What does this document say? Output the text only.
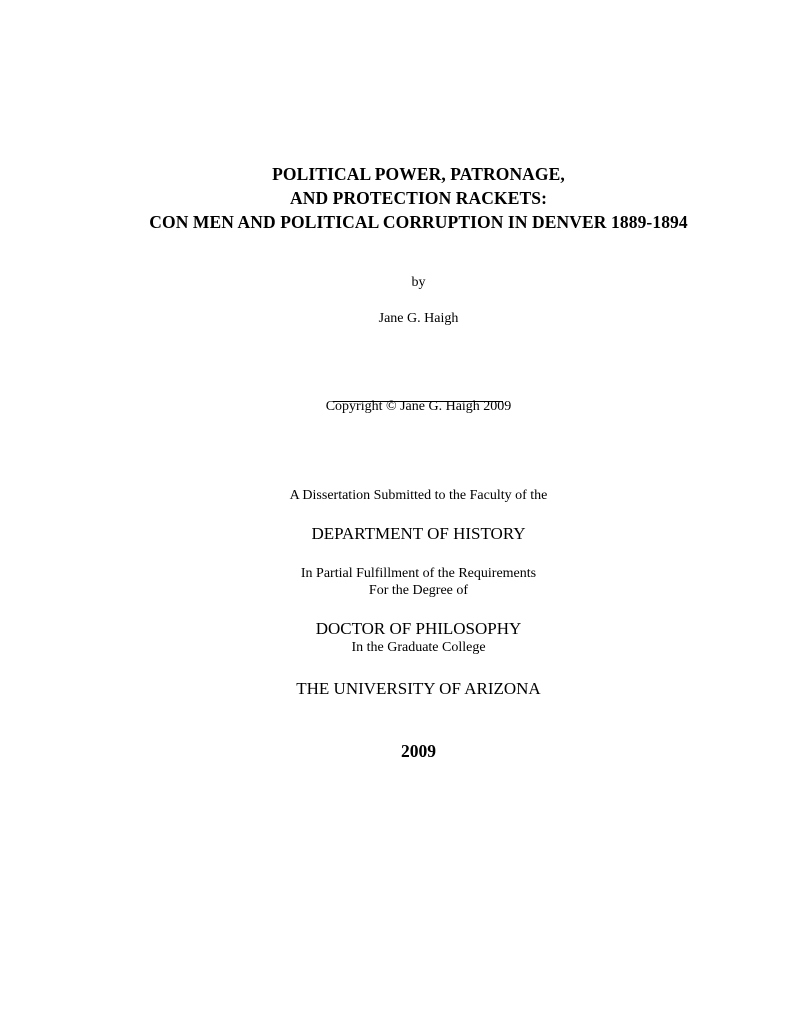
POLITICAL POWER, PATRONAGE,
AND PROTECTION RACKETS:
CON MEN AND POLITICAL CORRUPTION IN DENVER 1889-1894
by
Jane G. Haigh
Copyright © Jane G. Haigh 2009
A Dissertation Submitted to the Faculty of the
DEPARTMENT OF HISTORY
In Partial Fulfillment of the Requirements
For the Degree of
DOCTOR OF PHILOSOPHY
In the Graduate College
THE UNIVERSITY OF ARIZONA
2009
